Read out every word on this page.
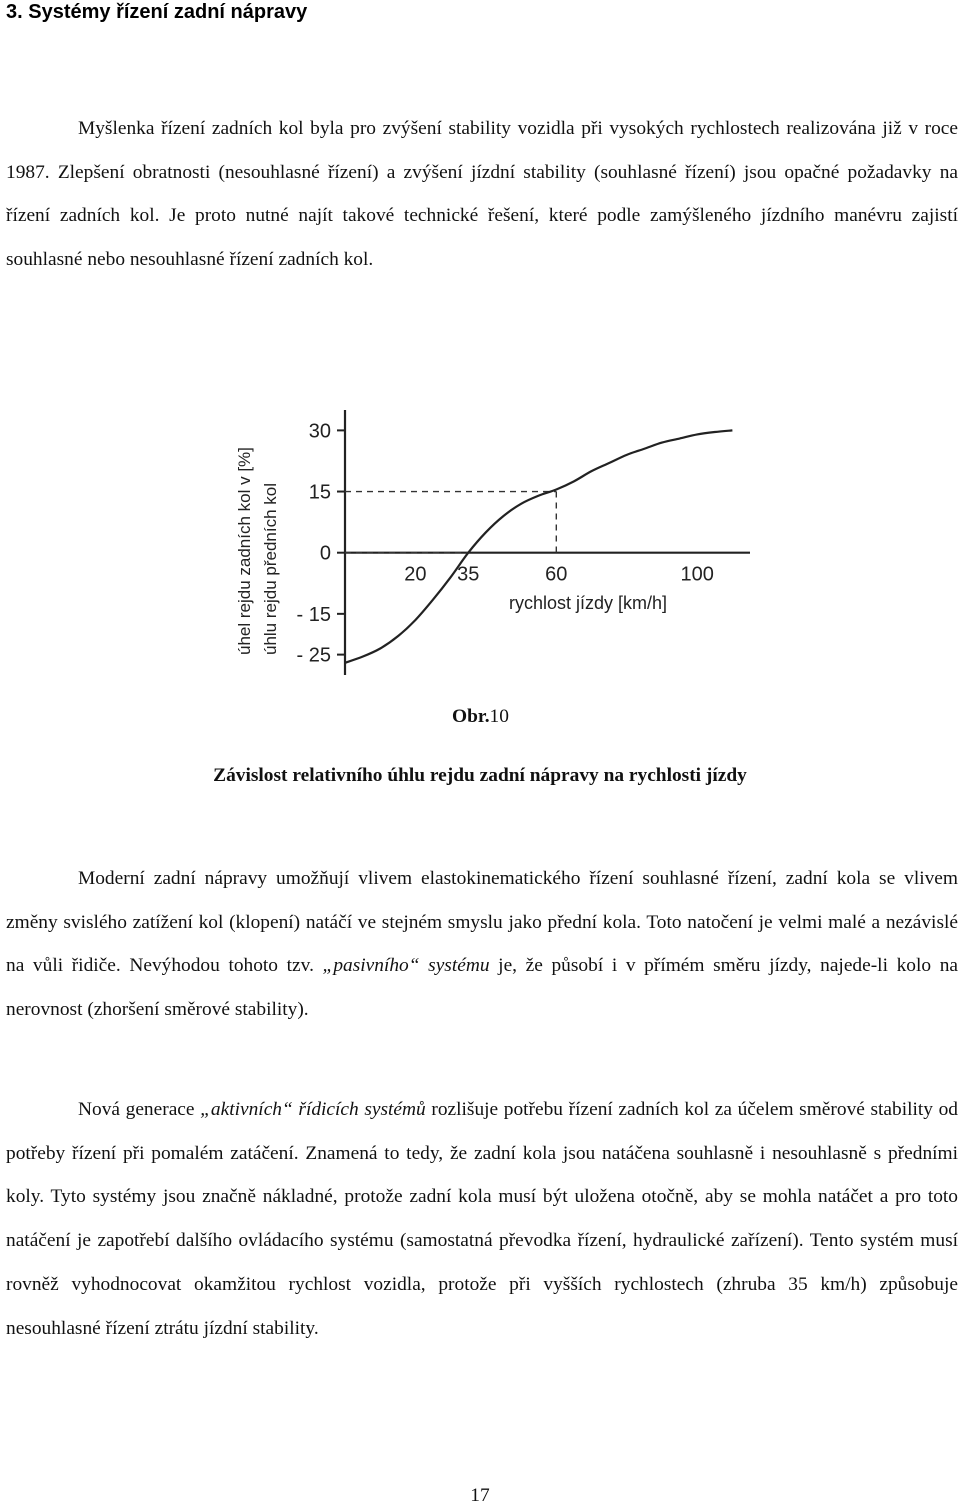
3. Systémy řízení zadní nápravy
Myšlenka řízení zadních kol byla pro zvýšení stability vozidla při vysokých rychlostech realizována již v roce 1987. Zlepšení obratnosti (nesouhlasné řízení) a zvýšení jízdní stability (souhlasné řízení) jsou opačné požadavky na řízení zadních kol. Je proto nutné najít takové technické řešení, které podle zamýšleného jízdního manévru zajistí souhlasné nebo nesouhlasné řízení zadních kol.
úhel rejdu zadních kol v [%] úhlu rejdu předních kol	rychlost jízdy [km/h]
30
15
0
- 15
- 25
20 35	60	100
Obr.10
Závislost relativního úhlu rejdu zadní nápravy na rychlosti jízdy
Moderní zadní nápravy umožňují vlivem elastokinematického řízení souhlasné řízení, zadní kola se vlivem změny svislého zatížení kol (klopení) natáčí ve stejném smyslu jako přední kola. Toto natočení je velmi malé a nezávislé na vůli řidiče. Nevýhodou tohoto tzv. „pasivního“ systému je, že působí i v přímém směru jízdy, najede-li kolo na nerovnost (zhoršení směrové stability).
Nová generace „aktivních“ řídicích systémů rozlišuje potřebu řízení zadních kol za účelem směrové stability od potřeby řízení při pomalém zatáčení. Znamená to tedy, že zadní kola jsou natáčena souhlasně i nesouhlasně s předními koly. Tyto systémy jsou značně nákladné, protože zadní kola musí být uložena otočně, aby se mohla natáčet a pro toto natáčení je zapotřebí dalšího ovládacího systému (samostatná převodka řízení, hydraulické zařízení). Tento systém musí rovněž vyhodnocovat okamžitou rychlost vozidla, protože při vyšších rychlostech (zhruba 35 km/h) způsobuje nesouhlasné řízení ztrátu jízdní stability.
17
